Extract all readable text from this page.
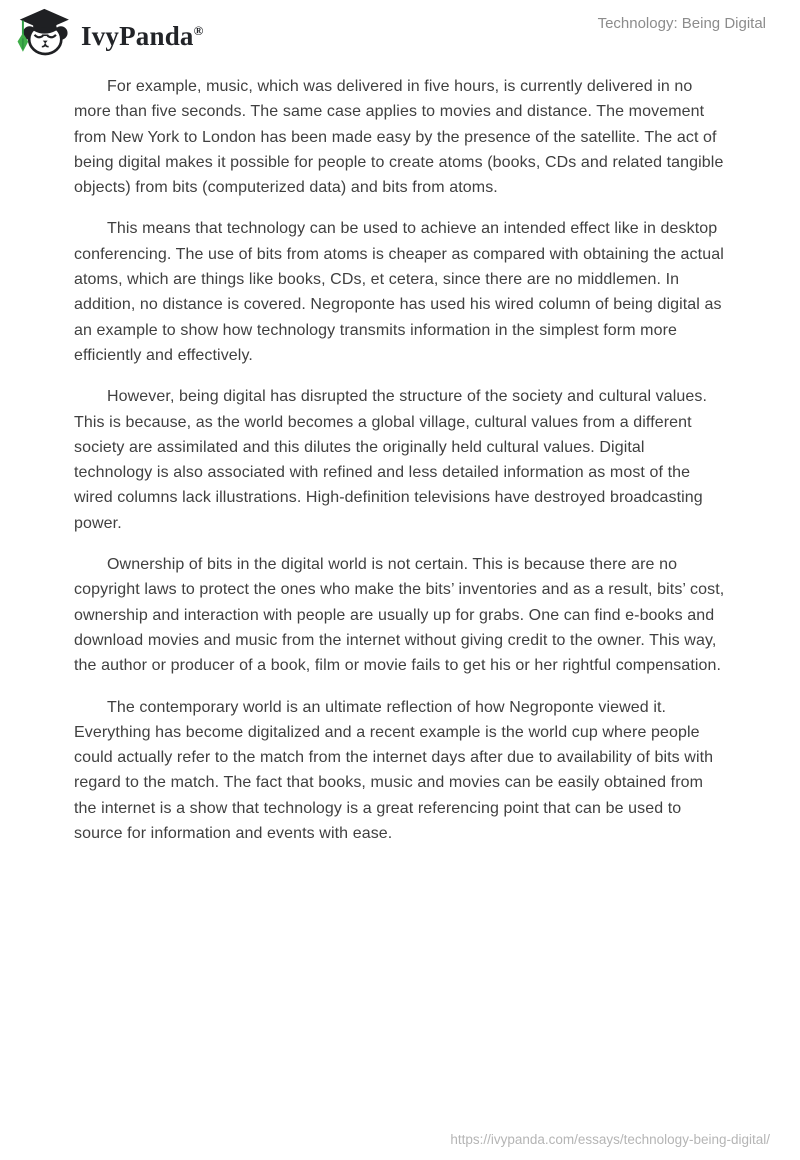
IvyPanda®	Technology: Being Digital

For example, music, which was delivered in five hours, is currently delivered in no more than five seconds. The same case applies to movies and distance. The movement from New York to London has been made easy by the presence of the satellite. The act of being digital makes it possible for people to create atoms (books, CDs and related tangible objects) from bits (computerized data) and bits from atoms.

This means that technology can be used to achieve an intended effect like in desktop conferencing. The use of bits from atoms is cheaper as compared with obtaining the actual atoms, which are things like books, CDs, et cetera, since there are no middlemen. In addition, no distance is covered. Negroponte has used his wired column of being digital as an example to show how technology transmits information in the simplest form more efficiently and effectively.

However, being digital has disrupted the structure of the society and cultural values. This is because, as the world becomes a global village, cultural values from a different society are assimilated and this dilutes the originally held cultural values. Digital technology is also associated with refined and less detailed information as most of the wired columns lack illustrations. High-definition televisions have destroyed broadcasting power.

Ownership of bits in the digital world is not certain. This is because there are no copyright laws to protect the ones who make the bits’ inventories and as a result, bits’ cost, ownership and interaction with people are usually up for grabs. One can find e-books and download movies and music from the internet without giving credit to the owner. This way, the author or producer of a book, film or movie fails to get his or her rightful compensation.

The contemporary world is an ultimate reflection of how Negroponte viewed it. Everything has become digitalized and a recent example is the world cup where people could actually refer to the match from the internet days after due to availability of bits with regard to the match. The fact that books, music and movies can be easily obtained from the internet is a show that technology is a great referencing point that can be used to source for information and events with ease.

https://ivypanda.com/essays/technology-being-digital/
